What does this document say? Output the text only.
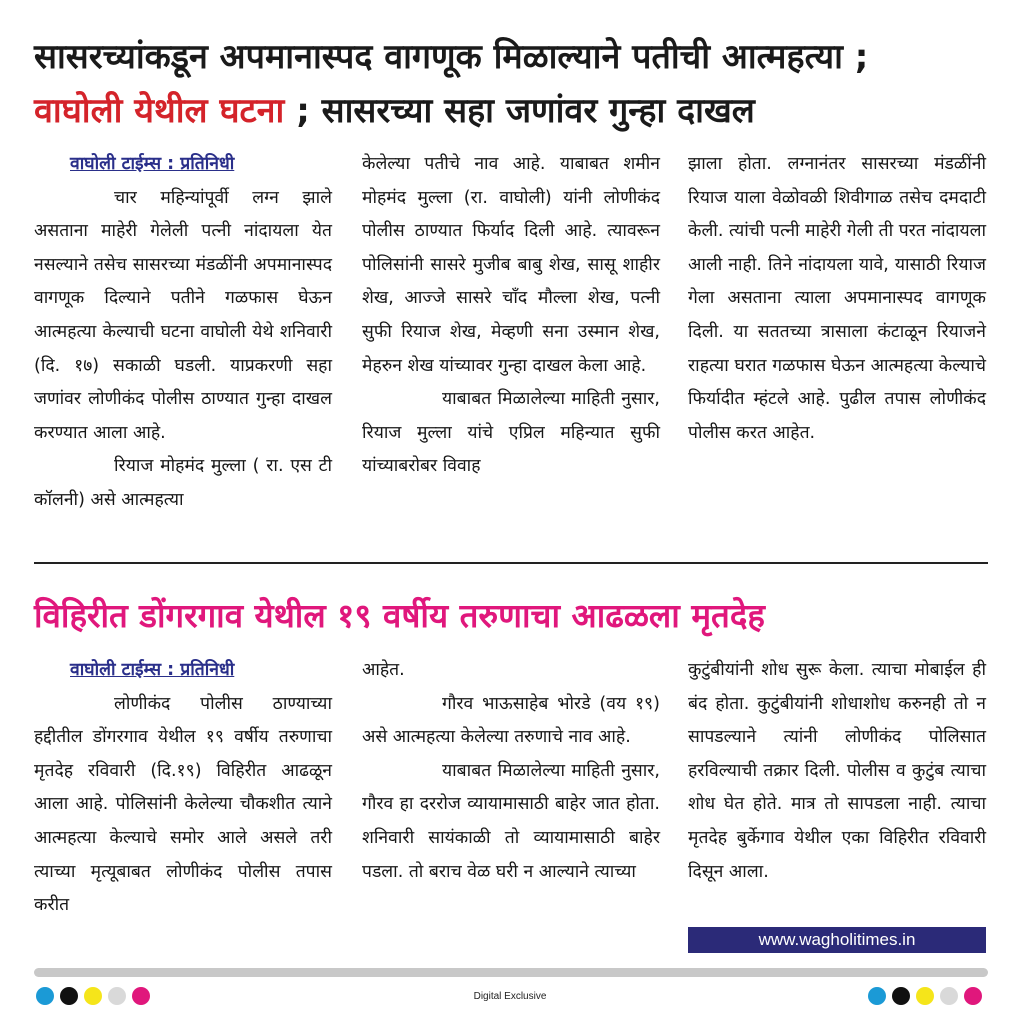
सासरच्यांकडून अपमानास्पद वागणूक मिळाल्याने पतीची आत्महत्या ;
वाघोली येथील घटना ; सासरच्या सहा जणांवर गुन्हा दाखल
वाघोली टाईम्स : प्रतिनिधी

चार महिन्यांपूर्वी लग्न झाले असताना माहेरी गेलेली पत्नी नांदायला येत नसल्याने तसेच सासरच्या मंडळींनी अपमानास्पद वागणूक दिल्याने पतीने गळफास घेऊन आत्महत्या केल्याची घटना वाघोली येथे शनिवारी (दि. १७) सकाळी घडली. याप्रकरणी सहा जणांवर लोणीकंद पोलीस ठाण्यात गुन्हा दाखल करण्यात आला आहे.

रियाज मोहमंद मुल्ला ( रा. एस टी कॉलनी) असे आत्महत्या

केलेल्या पतीचे नाव आहे. याबाबत शमीन मोहमंद मुल्ला (रा. वाघोली) यांनी लोणीकंद पोलीस ठाण्यात फिर्याद दिली आहे. त्यावरून पोलिसांनी सासरे मुजीब बाबु शेख, सासू शाहीर शेख, आज्जे सासरे चाँद मौल्ला शेख, पत्नी सुफी रियाज शेख, मेव्हणी सना उस्मान शेख, मेहरुन शेख यांच्यावर गुन्हा दाखल केला आहे.

याबाबत मिळालेल्या माहिती नुसार, रियाज मुल्ला यांचे एप्रिल महिन्यात सुफी यांच्याबरोबर विवाह

झाला होता. लग्नानंतर सासरच्या मंडळींनी रियाज याला वेळोवळी शिवीगाळ तसेच दमदाटी केली. त्यांची पत्नी माहेरी गेली ती परत नांदायला आली नाही. तिने नांदायला यावे, यासाठी रियाज गेला असताना त्याला अपमानास्पद वागणूक दिली. या सततच्या त्रासाला कंटाळून रियाजने राहत्या घरात गळफास घेऊन आत्महत्या केल्याचे फिर्यादीत म्हंटले आहे. पुढील तपास लोणीकंद पोलीस करत आहेत.

विहिरीत डोंगरगाव येथील १९ वर्षीय तरुणाचा आढळला मृतदेह
वाघोली टाईम्स : प्रतिनिधी

लोणीकंद पोलीस ठाण्याच्या हद्दीतील डोंगरगाव येथील १९ वर्षीय तरुणाचा मृतदेह रविवारी (दि.१९) विहिरीत आढळून आला आहे. पोलिसांनी केलेल्या चौकशीत त्याने आत्महत्या केल्याचे समोर आले असले तरी त्याच्या मृत्यूबाबत लोणीकंद पोलीस तपास करीत

आहेत.

गौरव भाऊसाहेब भोरडे (वय १९) असे आत्महत्या केलेल्या तरुणाचे नाव आहे.

याबाबत मिळालेल्या माहिती नुसार, गौरव हा दररोज व्यायामासाठी बाहेर जात होता. शनिवारी सायंकाळी तो व्यायामासाठी बाहेर पडला. तो बराच वेळ घरी न आल्याने त्याच्या

कुटुंबीयांनी शोध सुरू केला. त्याचा मोबाईल ही बंद होता. कुटुंबीयांनी शोधाशोध करुनही तो न सापडल्याने त्यांनी लोणीकंद पोलिसात हरविल्याची तक्रार दिली. पोलीस व कुटुंब त्याचा शोध घेत होते. मात्र तो सापडला नाही. त्याचा मृतदेह बुर्केगाव येथील एका विहिरीत रविवारी दिसून आला.

www.wagholitimes.in
Digital Exclusive
